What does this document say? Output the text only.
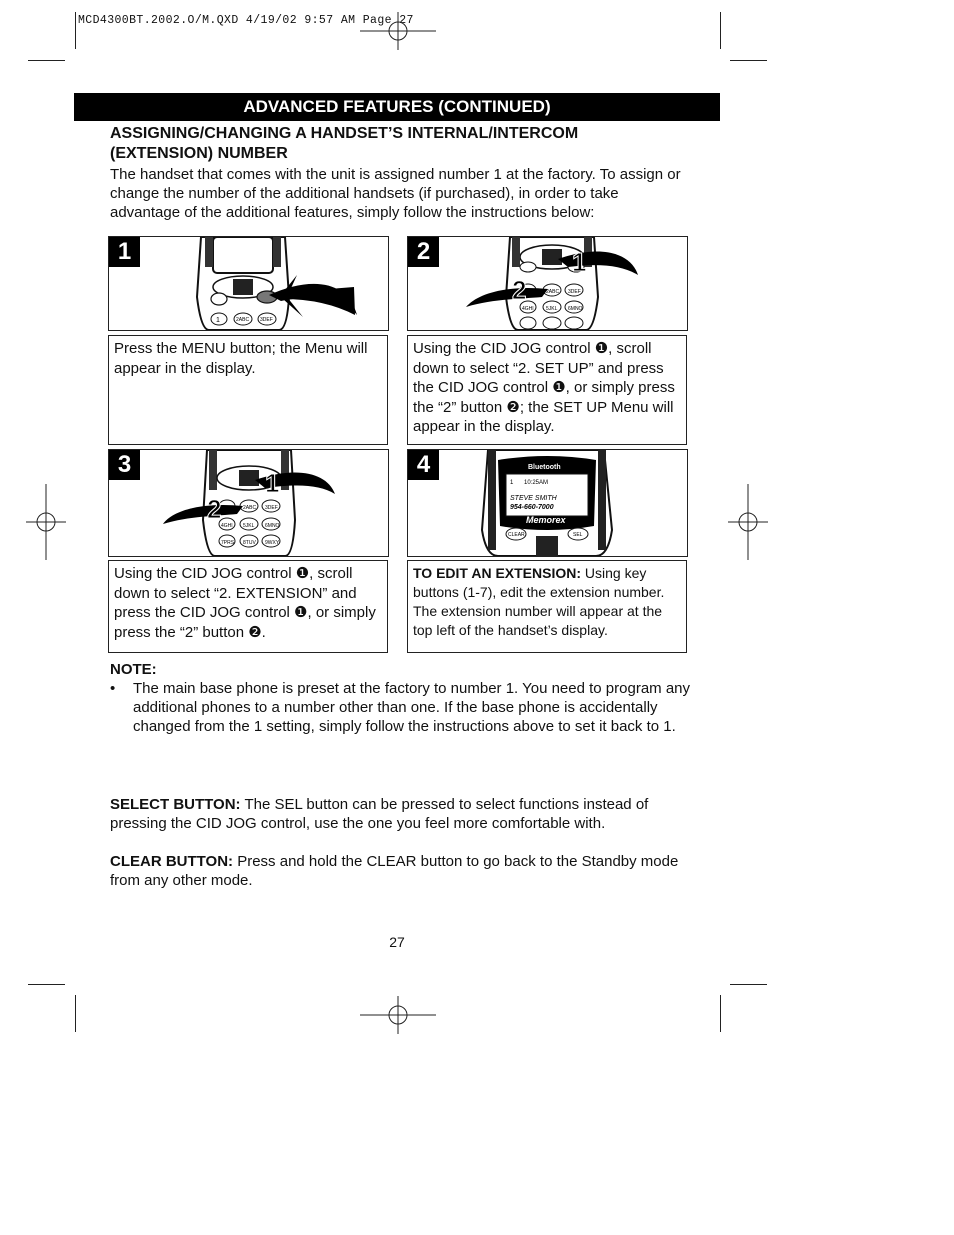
MCD4300BT.2002.O/M.QXD 4/19/02 9:57 AM Page 27
ADVANCED FEATURES (CONTINUED)
ASSIGNING/CHANGING A HANDSET’S INTERNAL/INTERCOM
(EXTENSION) NUMBER
The handset that comes with the unit is assigned number 1 at the factory. To assign or change the number of the additional handsets (if purchased), in order to take advantage of the additional features, simply follow the instructions below:
1
1	2ABC 3DEF
2
2ABC 3DEF
4GHI 5JKL 6MNO
1
2
Press the MENU button; the Menu will appear in the display.
Using the CID JOG control ❶, scroll down to select “2. SET UP” and press the CID JOG control ❶, or simply press the “2” button ❷; the SET UP Menu will appear in the display.
3
2ABC 3DEF
4GHI 5JKL 6MNO
7PRS 8TUV 9WXY
1
2
4	Bluetooth
1 10:25AM
STEVE SMITH
954-660-7000
Memorex
CLEAR	SEL
Using the CID JOG control ❶, scroll down to select “2. EXTENSION” and press the CID JOG control ❶, or simply press the “2” button ❷.
TO EDIT AN EXTENSION: Using key buttons (1-7), edit the extension number. The extension number will appear at the top left of the handset’s display.
NOTE:
• The main base phone is preset at the factory to number 1. You need to program any additional phones to a number other than one. If the base phone is accidentally changed from the 1 setting, simply follow the instructions above to set it back to 1.
SELECT BUTTON: The SEL button can be pressed to select functions instead of pressing the CID JOG control, use the one you feel more comfortable with.
CLEAR BUTTON: Press and hold the CLEAR button to go back to the Standby mode from any other mode.
27
